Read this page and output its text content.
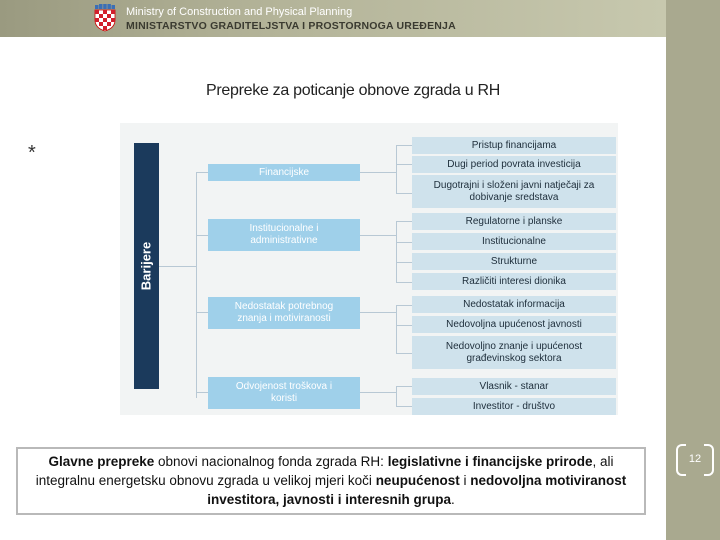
Ministry of Construction and Physical Planning
MINISTARSTVO GRADITELJSTVA I PROSTORNOGA UREĐENJA
12
Prepreke za poticanje obnove zgrada u RH
*
Barijere
Financijske
Institucionalne i administrativne
Nedostatak potrebnog znanja i motiviranosti
Odvojenost troškova i koristi
Pristup financijama
Dugi period povrata investicija
Dugotrajni i složeni javni natječaji za dobivanje sredstava
Regulatorne i planske
Institucionalne
Strukturne
Različiti interesi dionika
Nedostatak informacija
Nedovoljna upućenost javnosti
Nedovoljno znanje i upućenost građevinskog sektora
Vlasnik - stanar
Investitor - društvo
Glavne prepreke obnovi nacionalnog fonda zgrada RH: legislativne i financijske prirode, ali integralnu energetsku obnovu zgrada u velikoj mjeri koči neupućenost i nedovoljna motiviranost investitora, javnosti i interesnih grupa.
